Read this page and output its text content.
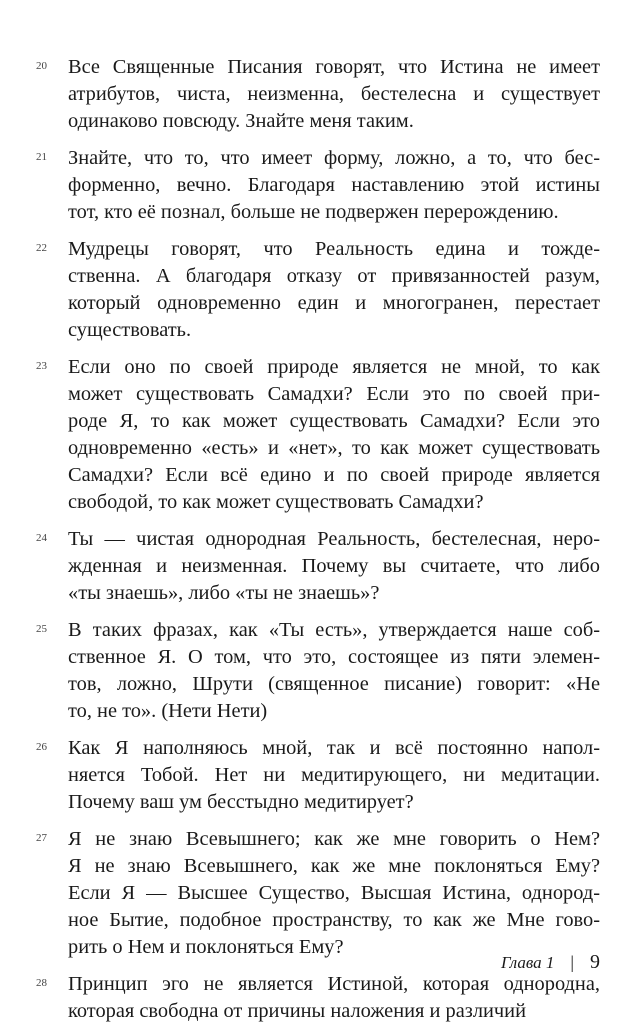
20 Все Священные Писания говорят, что Истина не имеет
атрибутов, чиста, неизменна, бестелесна и существует
одинаково повсюду. Знайте меня таким.
21 Знайте, что то, что имеет форму, ложно, а то, что бес-
форменно, вечно. Благодаря наставлению этой истины
тот, кто её познал, больше не подвержен перерождению.
22 Мудрецы говорят, что Реальность едина и тожде-
ственна. А благодаря отказу от привязанностей разум,
который одновременно един и многогранен, перестает
существовать.
23 Если оно по своей природе является не мной, то как
может существовать Самадхи? Если это по своей при-
роде Я, то как может существовать Самадхи? Если это
одновременно «есть» и «нет», то как может существовать
Самадхи? Если всё едино и по своей природе является
свободой, то как может существовать Самадхи?
24 Ты — чистая однородная Реальность, бестелесная, неро-
жденная и неизменная. Почему вы считаете, что либо
«ты знаешь», либо «ты не знаешь»?
25 В таких фразах, как «Ты есть», утверждается наше соб-
ственное Я. О том, что это, состоящее из пяти элемен-
тов, ложно, Шрути (священное писание) говорит: «Не
то, не то». (Нети Нети)
26 Как Я наполняюсь мной, так и всё постоянно напол-
няется Тобой. Нет ни медитирующего, ни медитации.
Почему ваш ум бесстыдно медитирует?
27 Я не знаю Всевышнего; как же мне говорить о Нем?
Я не знаю Всевышнего, как же мне поклоняться Ему?
Если Я — Высшее Существо, Высшая Истина, однород-
ное Бытие, подобное пространству, то как же Мне гово-
рить о Нем и поклоняться Ему?
28 Принцип эго не является Истиной, которая однородна,
которая свободна от причины наложения и различий
Глава 1 | 9
